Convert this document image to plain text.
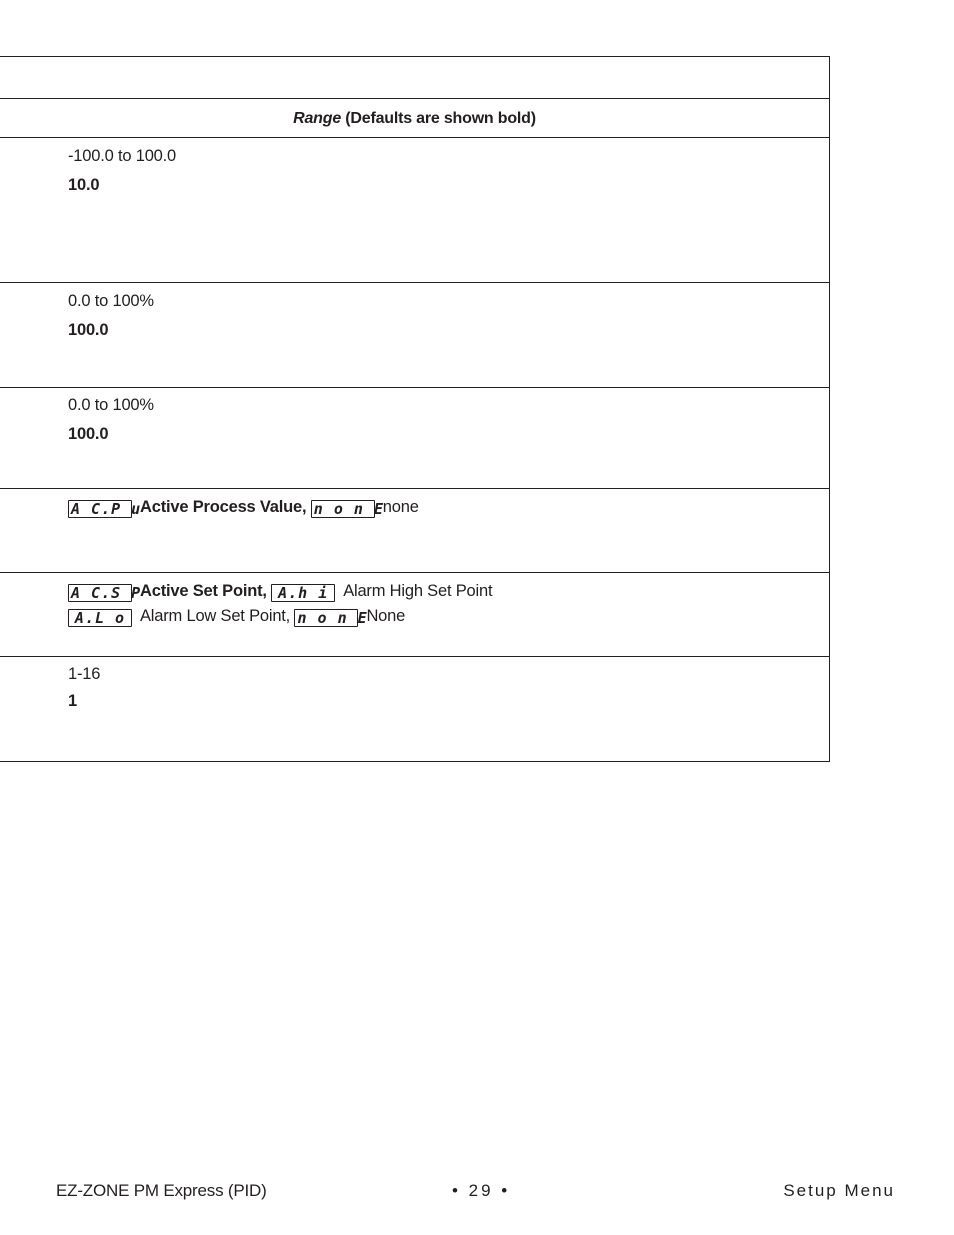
Range (Defaults are shown bold)
-100.0 to 100.0
10.0
0.0 to 100%
100.0
0.0 to 100%
100.0
A C.P uActive Process Value, n o n Enone
A C.S PActive Set Point, A.h i Alarm High Set Point
A.L o Alarm Low Set Point, n o n ENone
1-16
1
EZ-ZONE PM Express (PID)	• 29 •	Setup Menu
